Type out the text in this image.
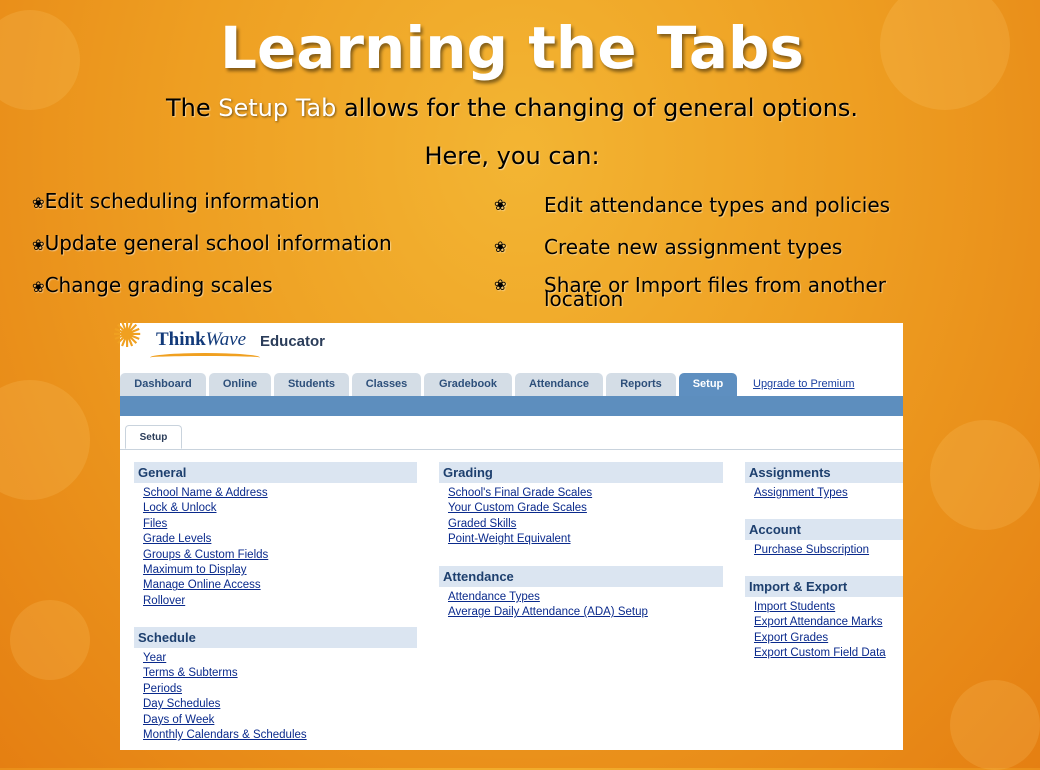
Learning the Tabs

The Setup Tab allows for the changing of general options.

Here, you can:

❀Edit scheduling information
❀Update general school information
❀Change grading scales
❀ Edit attendance types and policies
❀ Create new assignment types
❀ Share or Import files from another location
✺ ThinkWave Educator
Dashboard	Online	Students	Classes	Gradebook	Attendance	Reports	Setup	Upgrade to Premium
Setup
General
School Name & Address
Lock & Unlock
Files
Grade Levels
Groups & Custom Fields
Maximum to Display
Manage Online Access
Rollover
Schedule
Year
Terms & Subterms
Periods
Day Schedules
Days of Week
Monthly Calendars & Schedules
Grading
School's Final Grade Scales
Your Custom Grade Scales
Graded Skills
Point-Weight Equivalent
Attendance
Attendance Types
Average Daily Attendance (ADA) Setup
Assignments
Assignment Types
Account
Purchase Subscription
Import & Export
Import Students
Export Attendance Marks
Export Grades
Export Custom Field Data
